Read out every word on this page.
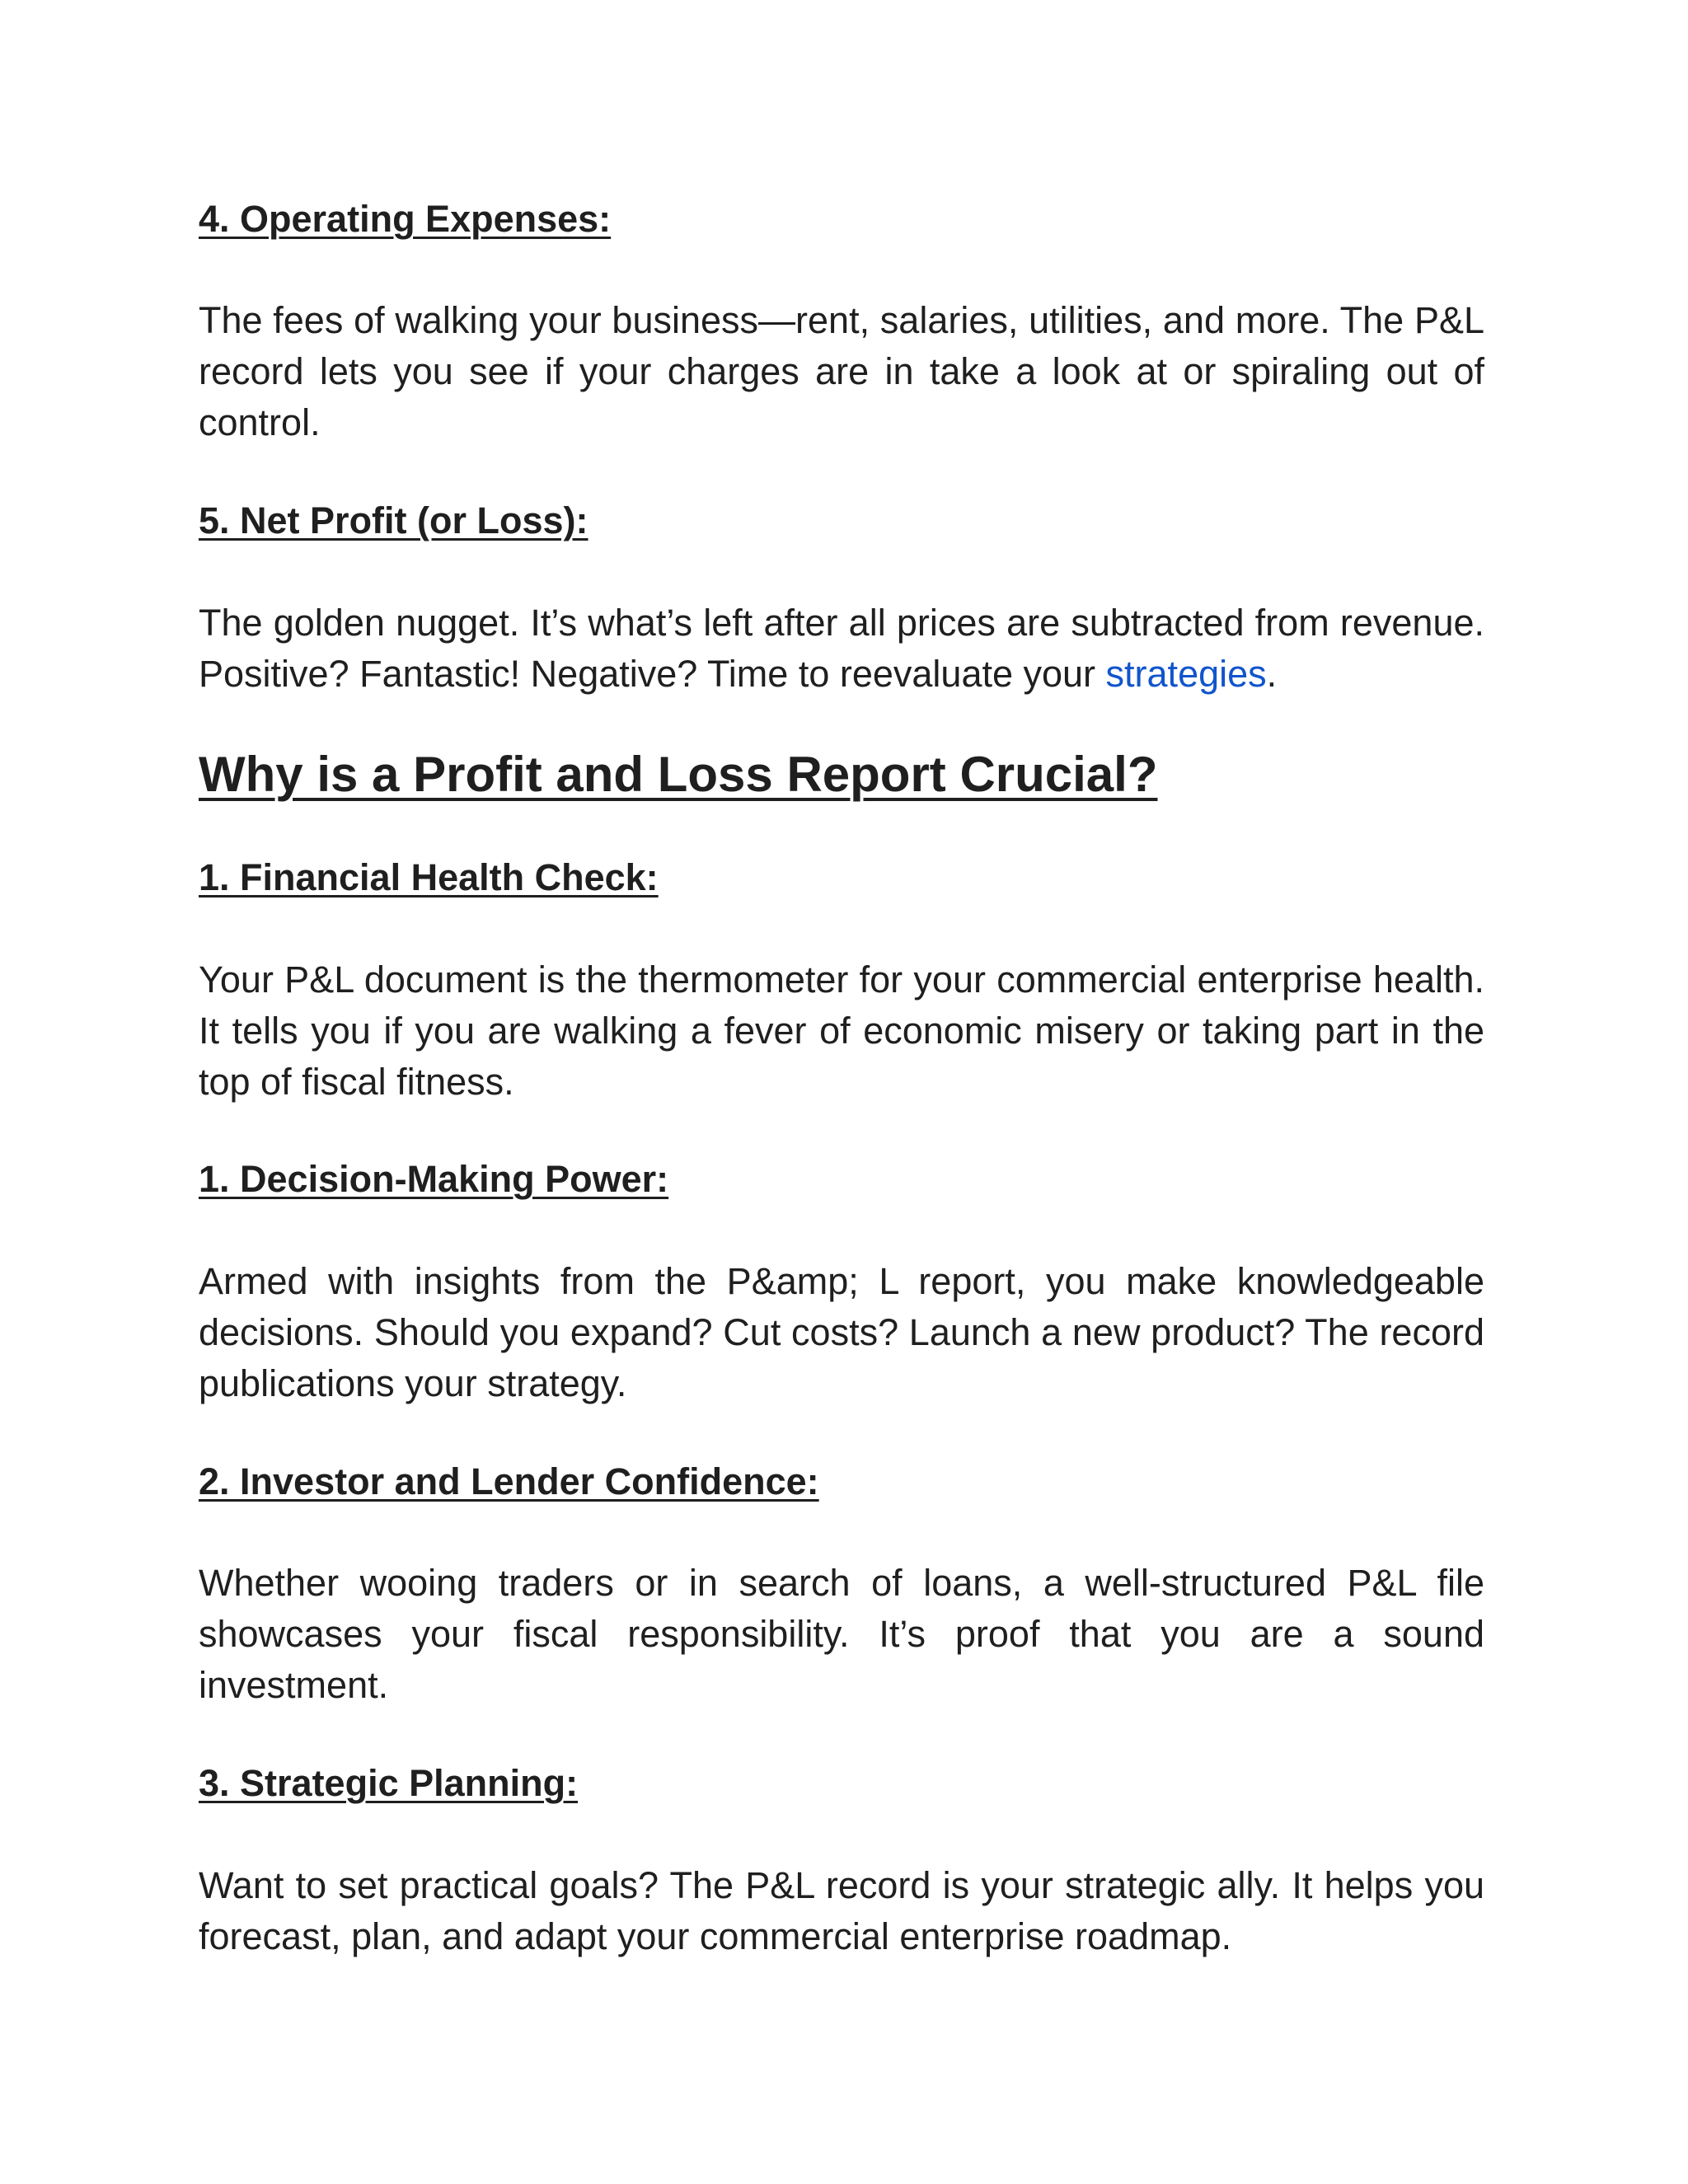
4. Operating Expenses:

The fees of walking your business—rent, salaries, utilities, and more. The P&L record lets you see if your charges are in take a look at or spiraling out of control.

5. Net Profit (or Loss):

The golden nugget. It’s what’s left after all prices are subtracted from revenue. Positive? Fantastic! Negative? Time to reevaluate your strategies.

Why is a Profit and Loss Report Crucial?
1. Financial Health Check:

Your P&L document is the thermometer for your commercial enterprise health. It tells you if you are walking a fever of economic misery or taking part in the top of fiscal fitness.

1. Decision-Making Power:

Armed with insights from the P&amp; L report, you make knowledgeable decisions. Should you expand? Cut costs? Launch a new product? The record publications your strategy.

2. Investor and Lender Confidence:

Whether wooing traders or in search of loans, a well-structured P&L file showcases your fiscal responsibility. It’s proof that you are a sound investment.

3. Strategic Planning:

Want to set practical goals? The P&L record is your strategic ally. It helps you forecast, plan, and adapt your commercial enterprise roadmap.
